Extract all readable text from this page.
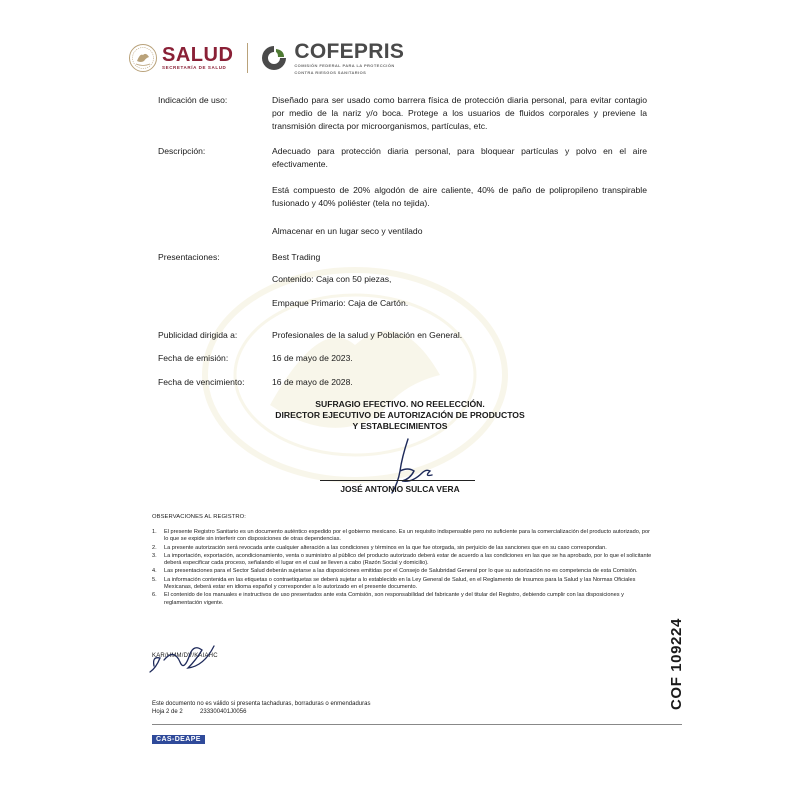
SALUD
SECRETARÍA DE SALUD
COFEPRIS
COMISIÓN FEDERAL PARA LA PROTECCIÓN
CONTRA RIESGOS SANITARIOS
Indicación de uso:	Diseñado para ser usado como barrera física de protección diaria personal, para evitar contagio por medio de la nariz y/o boca. Protege a los usuarios de fluidos corporales y previene la transmisión directa por microorganismos, partículas, etc.
Descripción:	Adecuado para protección diaria personal, para bloquear partículas y polvo en el aire efectivamente.
Está compuesto de 20% algodón de aire caliente, 40% de paño de polipropileno transpirable fusionado y 40% poliéster (tela no tejida).
Almacenar en un lugar seco y ventilado
Presentaciones:	Best Trading
Contenido: Caja con 50 piezas,
Empaque Primario: Caja de Cartón.
Publicidad dirigida a:	Profesionales de la salud y Población en General.
Fecha de emisión:	16 de mayo de 2023.
Fecha de vencimiento:	16 de mayo de 2028.
SUFRAGIO EFECTIVO. NO REELECCIÓN.
DIRECTOR EJECUTIVO DE AUTORIZACIÓN DE PRODUCTOS
Y ESTABLECIMIENTOS
JOSÉ ANTONIO SULCA VERA
OBSERVACIONES AL REGISTRO:
1. El presente Registro Sanitario es un documento auténtico expedido por el gobierno mexicano. Es un requisito indispensable pero no suficiente para la comercialización del producto autorizado, por lo que se expide sin interferir con disposiciones de otras dependencias.
2. La presente autorización será revocada ante cualquier alteración a las condiciones y términos en la que fue otorgada, sin perjuicio de las sanciones que en su caso correspondan.
3. La importación, exportación, acondicionamiento, venta o suministro al público del producto autorizado deberá estar de acuerdo a las condiciones en las que se ha aprobado, por lo que el solicitante deberá especificar cada proceso, señalando el lugar en el cual se lleven a cabo (Razón Social y domicilio).
4. Las presentaciones para el Sector Salud deberán sujetarse a las disposiciones emitidas por el Consejo de Salubridad General por lo que su autorización no es competencia de esta Comisión.
5. La información contenida en las etiquetas o contraetiquetas se deberá sujetar a lo establecido en la Ley General de Salud, en el Reglamento de Insumos para la Salud y las Normas Oficiales Mexicanas, deberá estar en idioma español y corresponder a lo autorizado en el presente documento.
6. El contenido de los manuales e instructivos de uso presentados ante esta Comisión, son responsabilidad del fabricante y del titular del Registro, debiendo cumplir con las disposiciones y reglamentación vigente.
KAR/HMM/DV/KAIAHC
Este documento no es válido si presenta tachaduras, borraduras o enmendaduras
Hoja 2 de 2	233300401J0056
CAS-DEAPE
COF 109224
